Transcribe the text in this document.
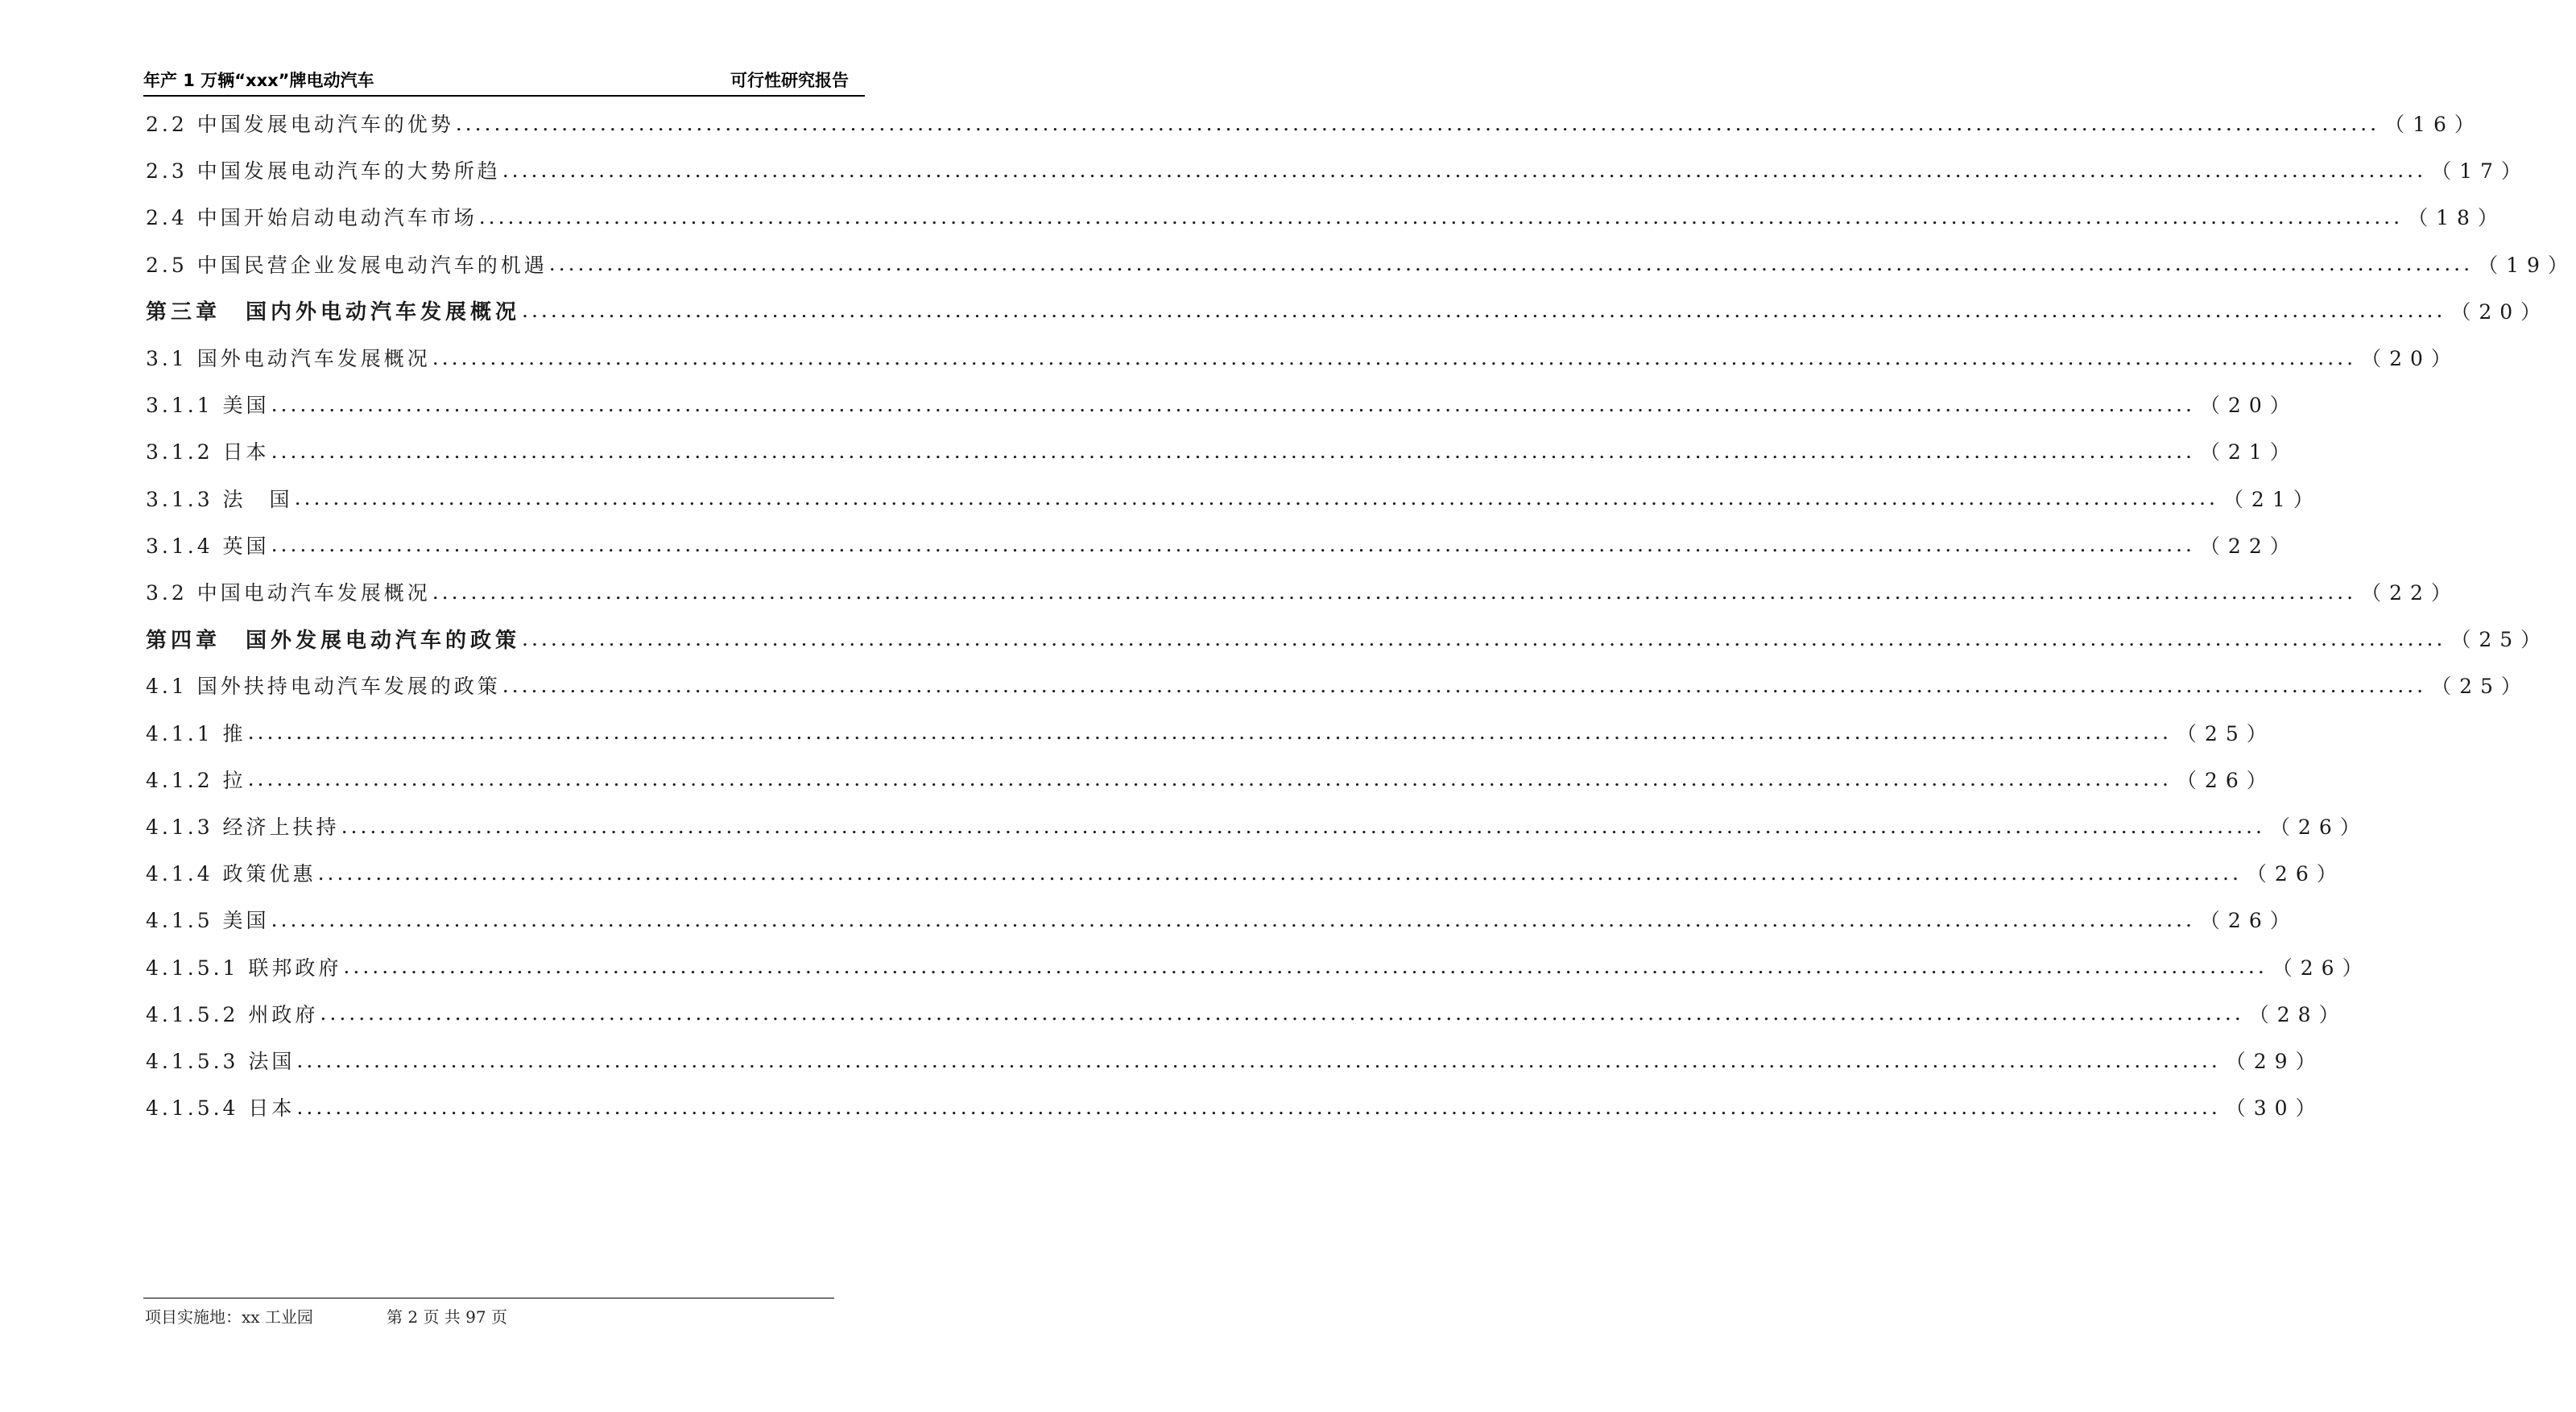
年产 1 万辆“xxx”牌电动汽车	可行性研究报告
2.2 中国发展电动汽车的优势 ........................................................................................................................................................................................................ （16）
2.3 中国发展电动汽车的大势所趋 ........................................................................................................................................................................................................ （17）
2.4 中国开始启动电动汽车市场 ........................................................................................................................................................................................................ （18）
2.5 中国民营企业发展电动汽车的机遇 ........................................................................................................................................................................................................ （19）
第三章　国内外电动汽车发展概况 ........................................................................................................................................................................................................ （20）
3.1 国外电动汽车发展概况 ........................................................................................................................................................................................................ （20）
3.1.1 美国 ........................................................................................................................................................................................................ （20）
3.1.2 日本 ........................................................................................................................................................................................................ （21）
3.1.3 法　国 ........................................................................................................................................................................................................ （21）
3.1.4 英国 ........................................................................................................................................................................................................ （22）
3.2 中国电动汽车发展概况 ........................................................................................................................................................................................................ （22）
第四章　国外发展电动汽车的政策 ........................................................................................................................................................................................................ （25）
4.1 国外扶持电动汽车发展的政策 ........................................................................................................................................................................................................ （25）
4.1.1 推 ........................................................................................................................................................................................................ （25）
4.1.2 拉 ........................................................................................................................................................................................................ （26）
4.1.3 经济上扶持 ........................................................................................................................................................................................................ （26）
4.1.4 政策优惠 ........................................................................................................................................................................................................ （26）
4.1.5 美国 ........................................................................................................................................................................................................ （26）
4.1.5.1 联邦政府 ........................................................................................................................................................................................................ （26）
4.1.5.2 州政府 ........................................................................................................................................................................................................ （28）
4.1.5.3 法国 ........................................................................................................................................................................................................ （29）
4.1.5.4 日本 ........................................................................................................................................................................................................ （30）
项目实施地：xx 工业园	第 2 页 共 97 页
